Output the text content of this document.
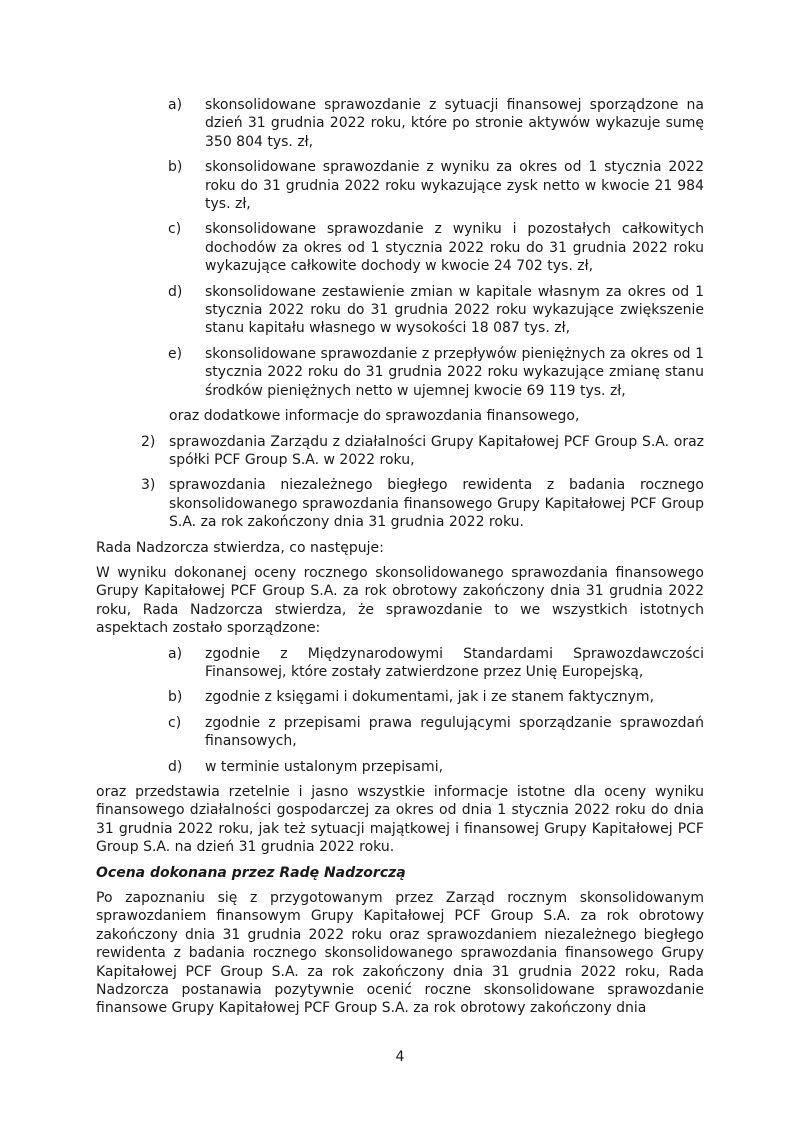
a)	skonsolidowane sprawozdanie z sytuacji finansowej sporządzone na dzień 31 grudnia 2022 roku, które po stronie aktywów wykazuje sumę 350 804 tys. zł,
b)	skonsolidowane sprawozdanie z wyniku za okres od 1 stycznia 2022 roku do 31 grudnia 2022 roku wykazujące zysk netto w kwocie 21 984 tys. zł,
c)	skonsolidowane sprawozdanie z wyniku i pozostałych całkowitych dochodów za okres od 1 stycznia 2022 roku do 31 grudnia 2022 roku wykazujące całkowite dochody w kwocie 24 702 tys. zł,
d)	skonsolidowane zestawienie zmian w kapitale własnym za okres od 1 stycznia 2022 roku do 31 grudnia 2022 roku wykazujące zwiększenie stanu kapitału własnego w wysokości 18 087 tys. zł,
e)	skonsolidowane sprawozdanie z przepływów pieniężnych za okres od 1 stycznia 2022 roku do 31 grudnia 2022 roku wykazujące zmianę stanu środków pieniężnych netto w ujemnej kwocie 69 119 tys. zł,
oraz dodatkowe informacje do sprawozdania finansowego,
2) sprawozdania Zarządu z działalności Grupy Kapitałowej PCF Group S.A. oraz spółki PCF Group S.A. w 2022 roku,
3) sprawozdania niezależnego biegłego rewidenta z badania rocznego skonsolidowanego sprawozdania finansowego Grupy Kapitałowej PCF Group S.A. za rok zakończony dnia 31 grudnia 2022 roku.
Rada Nadzorcza stwierdza, co następuje:
W wyniku dokonanej oceny rocznego skonsolidowanego sprawozdania finansowego Grupy Kapitałowej PCF Group S.A. za rok obrotowy zakończony dnia 31 grudnia 2022 roku, Rada Nadzorcza stwierdza, że sprawozdanie to we wszystkich istotnych aspektach zostało sporządzone:
a)	zgodnie z Międzynarodowymi Standardami Sprawozdawczości Finansowej, które zostały zatwierdzone przez Unię Europejską,
b)	zgodnie z księgami i dokumentami, jak i ze stanem faktycznym,
c)	zgodnie z przepisami prawa regulującymi sporządzanie sprawozdań finansowych,
d)	w terminie ustalonym przepisami,
oraz przedstawia rzetelnie i jasno wszystkie informacje istotne dla oceny wyniku finansowego działalności gospodarczej za okres od dnia 1 stycznia 2022 roku do dnia 31 grudnia 2022 roku, jak też sytuacji majątkowej i finansowej Grupy Kapitałowej PCF Group S.A. na dzień 31 grudnia 2022 roku.
Ocena dokonana przez Radę Nadzorczą
Po zapoznaniu się z przygotowanym przez Zarząd rocznym skonsolidowanym sprawozdaniem finansowym Grupy Kapitałowej PCF Group S.A. za rok obrotowy zakończony dnia 31 grudnia 2022 roku oraz sprawozdaniem niezależnego biegłego rewidenta z badania rocznego skonsolidowanego sprawozdania finansowego Grupy Kapitałowej PCF Group S.A. za rok zakończony dnia 31 grudnia 2022 roku, Rada Nadzorcza postanawia pozytywnie ocenić roczne skonsolidowane sprawozdanie finansowe Grupy Kapitałowej PCF Group S.A. za rok obrotowy zakończony dnia
4
